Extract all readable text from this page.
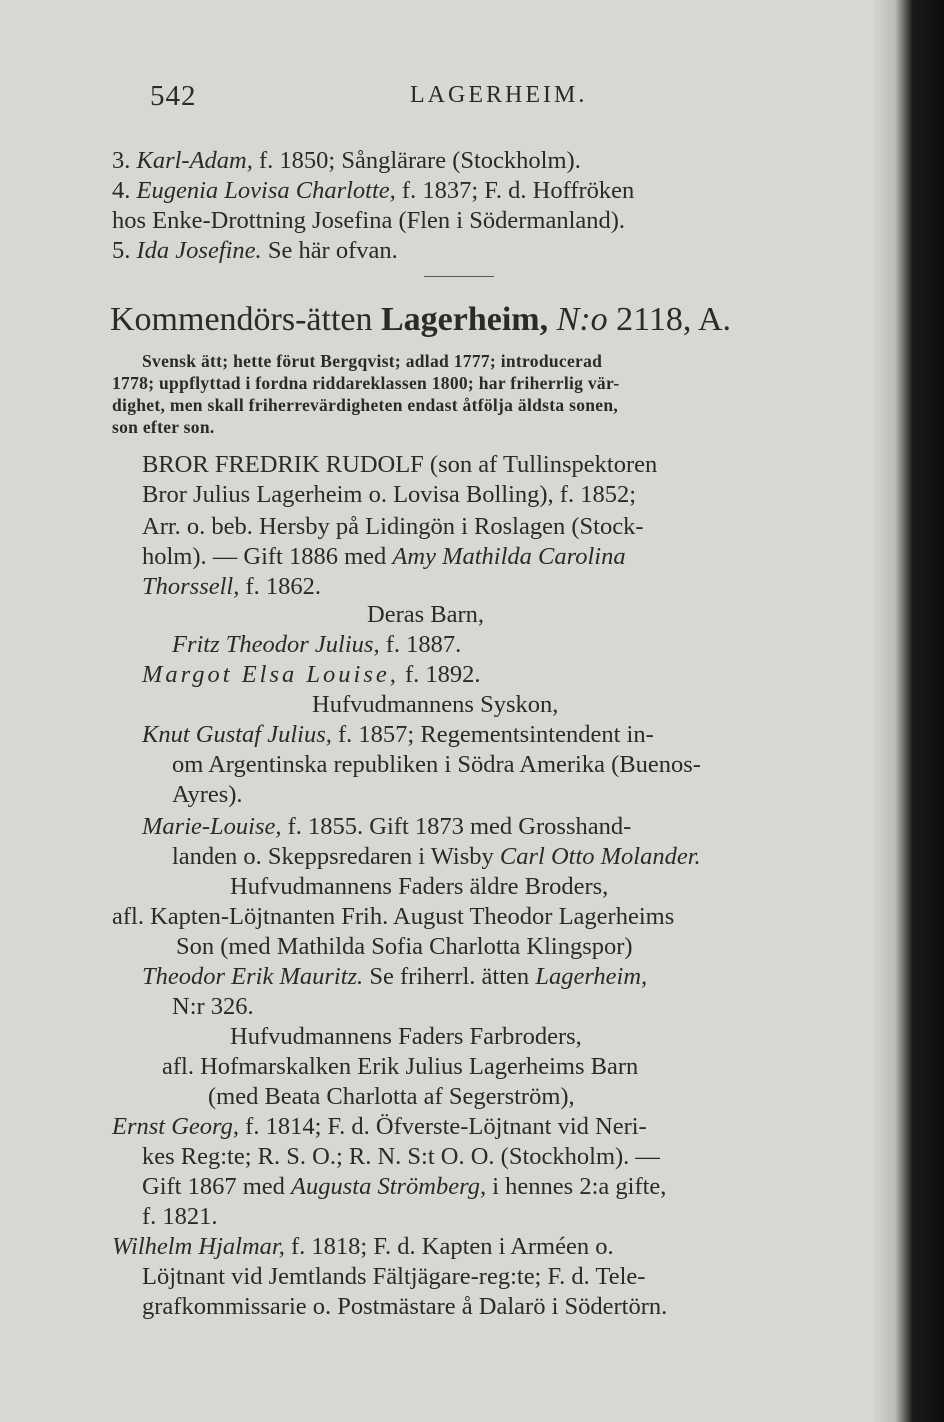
542	LAGERHEIM.
3. Karl-Adam, f. 1850; Sånglärare (Stockholm).
4. Eugenia Lovisa Charlotte, f. 1837; F. d. Hoffröken
hos Enke-Drottning Josefina (Flen i Södermanland).
5. Ida Josefine. Se här ofvan.
Kommendörs-ätten Lagerheim, N:o 2118, A.
Svensk ätt; hette förut Bergqvist; adlad 1777; introducerad
1778; uppflyttad i fordna riddareklassen 1800; har friherrlig vär-
dighet, men skall friherrevärdigheten endast åtfölja äldsta sonen,
son efter son.
BROR FREDRIK RUDOLF (son af Tullinspektoren
Bror Julius Lagerheim o. Lovisa Bolling), f. 1852;
Arr. o. beb. Hersby på Lidingön i Roslagen (Stock-
holm). — Gift 1886 med Amy Mathilda Carolina
Thorssell, f. 1862.
Deras Barn,
Fritz Theodor Julius, f. 1887.
Margot Elsa Louise, f. 1892.
Hufvudmannens Syskon,
Knut Gustaf Julius, f. 1857; Regementsintendent in-
om Argentinska republiken i Södra Amerika (Buenos-
Ayres).
Marie-Louise, f. 1855. Gift 1873 med Grosshand-
landen o. Skeppsredaren i Wisby Carl Otto Molander.
Hufvudmannens Faders äldre Broders,
afl. Kapten-Löjtnanten Frih. August Theodor Lagerheims
Son (med Mathilda Sofia Charlotta Klingspor)
Theodor Erik Mauritz. Se friherrl. ätten Lagerheim,
N:r 326.
Hufvudmannens Faders Farbroders,
afl. Hofmarskalken Erik Julius Lagerheims Barn
(med Beata Charlotta af Segerström),
Ernst Georg, f. 1814; F. d. Öfverste-Löjtnant vid Neri-
kes Reg:te; R. S. O.; R. N. S:t O. O. (Stockholm). —
Gift 1867 med Augusta Strömberg, i hennes 2:a gifte,
f. 1821.
Wilhelm Hjalmar, f. 1818; F. d. Kapten i Arméen o.
Löjtnant vid Jemtlands Fältjägare-reg:te; F. d. Tele-
grafkommissarie o. Postmästare å Dalarö i Södertörn.
